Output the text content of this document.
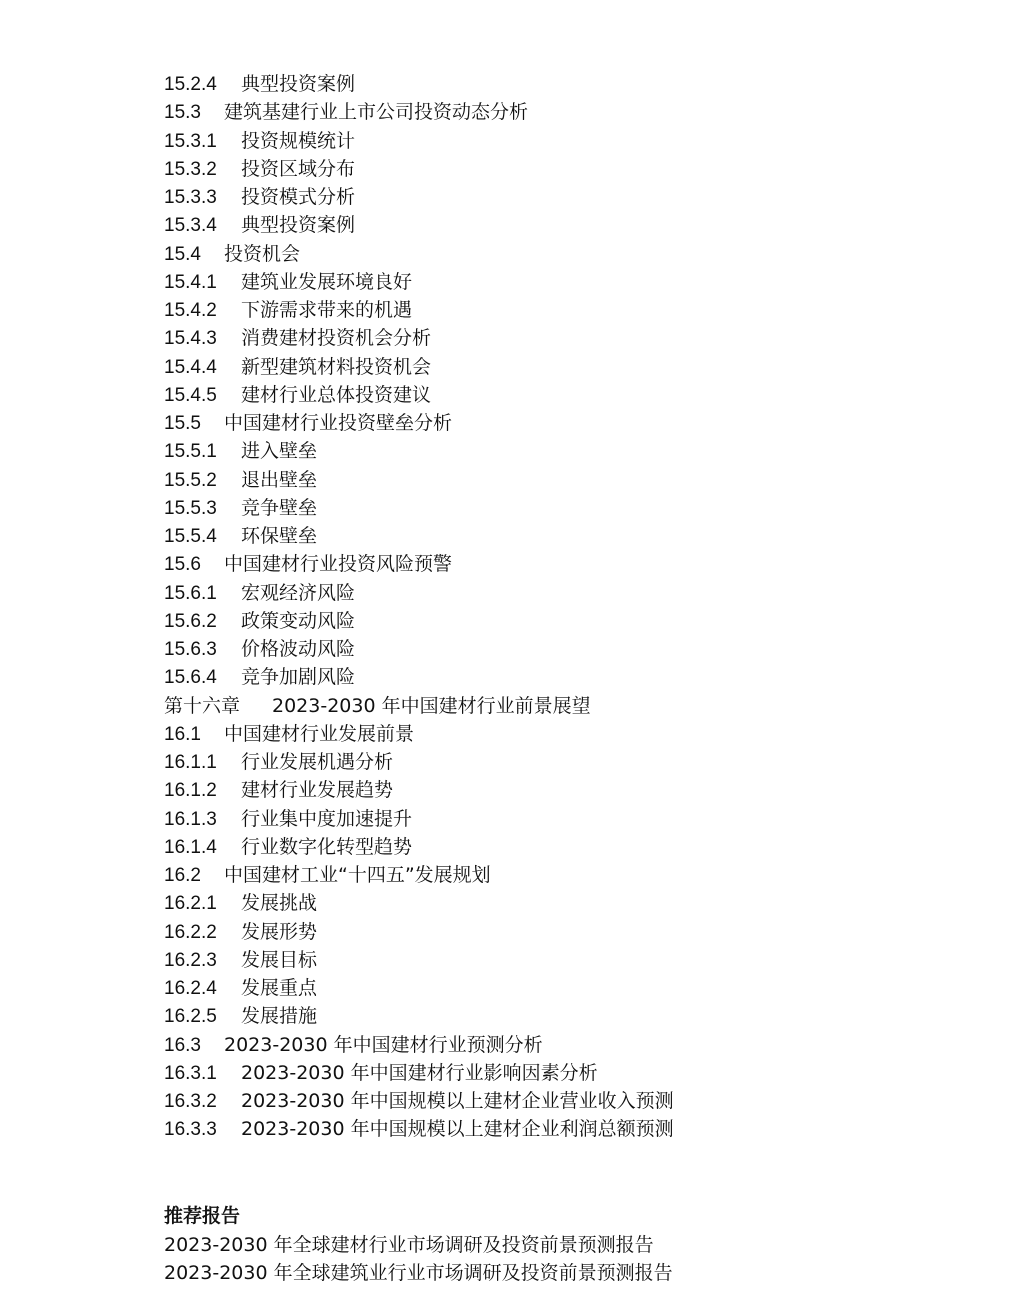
15.2.4 典型投资案例
15.3 建筑基建行业上市公司投资动态分析
15.3.1 投资规模统计
15.3.2 投资区域分布
15.3.3 投资模式分析
15.3.4 典型投资案例
15.4 投资机会
15.4.1 建筑业发展环境良好
15.4.2 下游需求带来的机遇
15.4.3 消费建材投资机会分析
15.4.4 新型建筑材料投资机会
15.4.5 建材行业总体投资建议
15.5 中国建材行业投资壁垒分析
15.5.1 进入壁垒
15.5.2 退出壁垒
15.5.3 竞争壁垒
15.5.4 环保壁垒
15.6 中国建材行业投资风险预警
15.6.1 宏观经济风险
15.6.2 政策变动风险
15.6.3 价格波动风险
15.6.4 竞争加剧风险
第十六章 2023-2030 年中国建材行业前景展望
16.1 中国建材行业发展前景
16.1.1 行业发展机遇分析
16.1.2 建材行业发展趋势
16.1.3 行业集中度加速提升
16.1.4 行业数字化转型趋势
16.2 中国建材工业“十四五”发展规划
16.2.1 发展挑战
16.2.2 发展形势
16.2.3 发展目标
16.2.4 发展重点
16.2.5 发展措施
16.3 2023-2030 年中国建材行业预测分析
16.3.1 2023-2030 年中国建材行业影响因素分析
16.3.2 2023-2030 年中国规模以上建材企业营业收入预测
16.3.3 2023-2030 年中国规模以上建材企业利润总额预测
推荐报告
2023-2030 年全球建材行业市场调研及投资前景预测报告
2023-2030 年全球建筑业行业市场调研及投资前景预测报告
